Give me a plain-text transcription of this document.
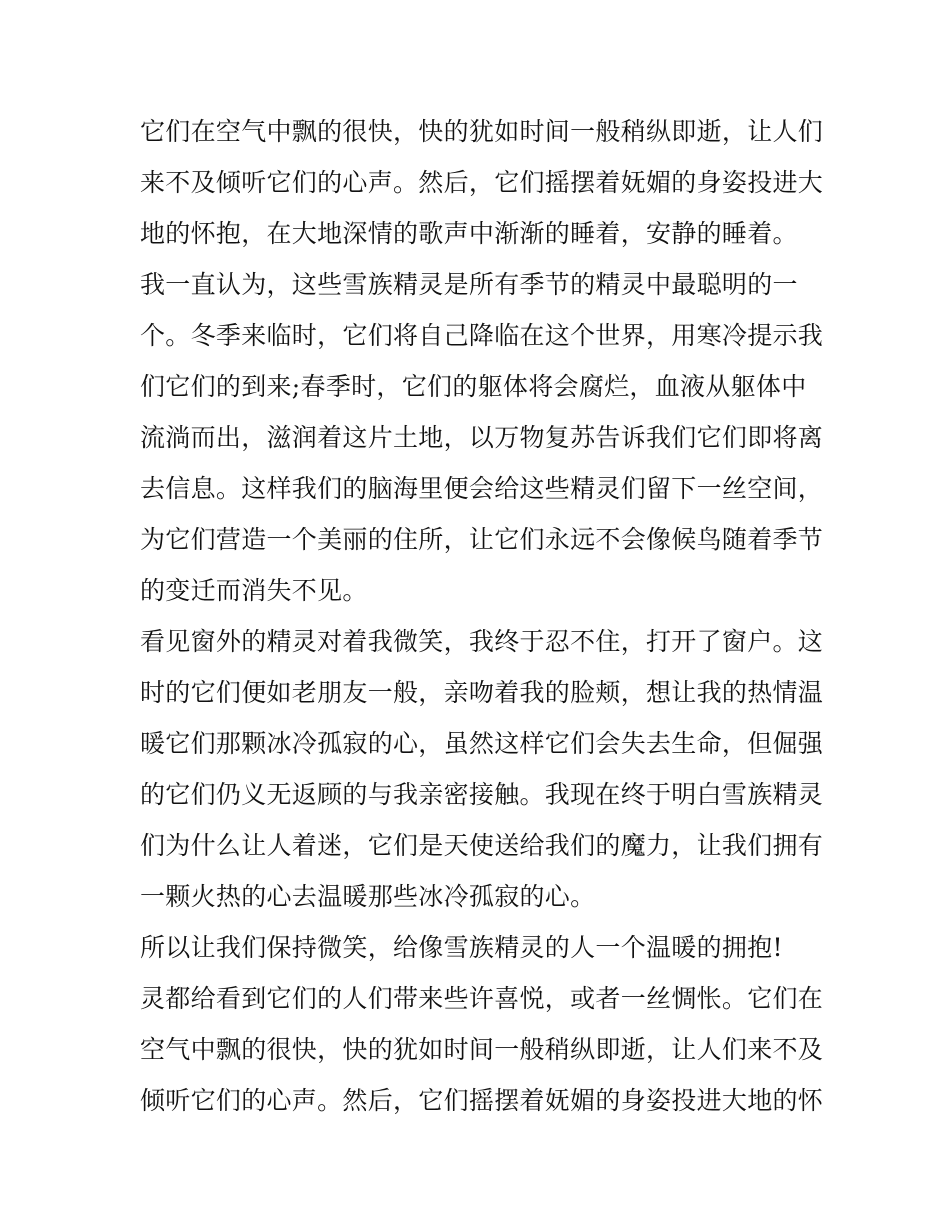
它们在空气中飘的很快，快的犹如时间一般稍纵即逝，让人们
来不及倾听它们的心声。然后，它们摇摆着妩媚的身姿投进大
地的怀抱，在大地深情的歌声中渐渐的睡着，安静的睡着。
我一直认为，这些雪族精灵是所有季节的精灵中最聪明的一
个。冬季来临时，它们将自己降临在这个世界，用寒冷提示我
们它们的到来;春季时，它们的躯体将会腐烂，血液从躯体中
流淌而出，滋润着这片土地，以万物复苏告诉我们它们即将离
去信息。这样我们的脑海里便会给这些精灵们留下一丝空间，
为它们营造一个美丽的住所，让它们永远不会像候鸟随着季节
的变迁而消失不见。
看见窗外的精灵对着我微笑，我终于忍不住，打开了窗户。这
时的它们便如老朋友一般，亲吻着我的脸颊，想让我的热情温
暖它们那颗冰冷孤寂的心，虽然这样它们会失去生命，但倔强
的它们仍义无返顾的与我亲密接触。我现在终于明白雪族精灵
们为什么让人着迷，它们是天使送给我们的魔力，让我们拥有
一颗火热的心去温暖那些冰冷孤寂的心。
所以让我们保持微笑，给像雪族精灵的人一个温暖的拥抱!
灵都给看到它们的人们带来些许喜悦，或者一丝惆怅。它们在
空气中飘的很快，快的犹如时间一般稍纵即逝，让人们来不及
倾听它们的心声。然后，它们摇摆着妩媚的身姿投进大地的怀
